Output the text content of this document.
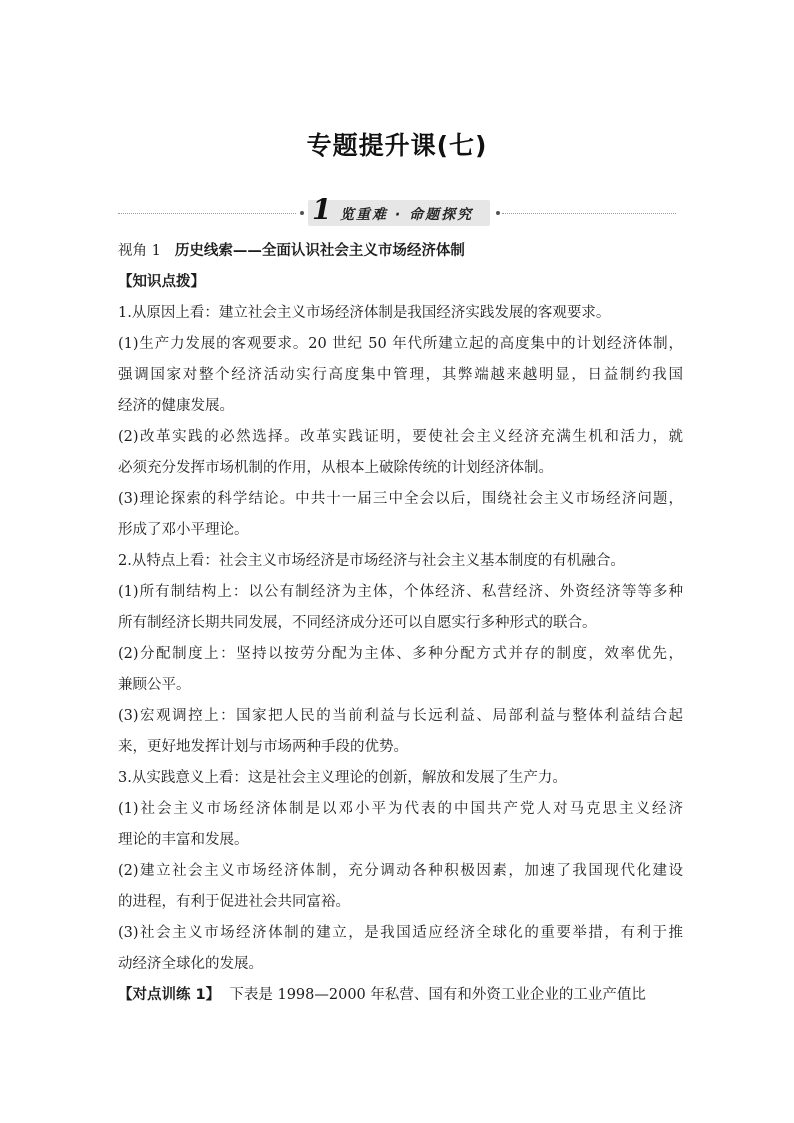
专题提升课(七)
1 览重难 · 命题探究
视角 1 历史线索——全面认识社会主义市场经济体制
【知识点拨】
1.从原因上看：建立社会主义市场经济体制是我国经济实践发展的客观要求。
(1)生产力发展的客观要求。20 世纪 50 年代所建立起的高度集中的计划经济体制，
强调国家对整个经济活动实行高度集中管理，其弊端越来越明显，日益制约我国
经济的健康发展。
(2)改革实践的必然选择。改革实践证明，要使社会主义经济充满生机和活力，就
必须充分发挥市场机制的作用，从根本上破除传统的计划经济体制。
(3)理论探索的科学结论。中共十一届三中全会以后，围绕社会主义市场经济问题，
形成了邓小平理论。
2.从特点上看：社会主义市场经济是市场经济与社会主义基本制度的有机融合。
(1)所有制结构上：以公有制经济为主体，个体经济、私营经济、外资经济等等多种
所有制经济长期共同发展，不同经济成分还可以自愿实行多种形式的联合。
(2)分配制度上：坚持以按劳分配为主体、多种分配方式并存的制度，效率优先，
兼顾公平。
(3)宏观调控上：国家把人民的当前利益与长远利益、局部利益与整体利益结合起
来，更好地发挥计划与市场两种手段的优势。
3.从实践意义上看：这是社会主义理论的创新，解放和发展了生产力。
(1)社会主义市场经济体制是以邓小平为代表的中国共产党人对马克思主义经济
理论的丰富和发展。
(2)建立社会主义市场经济体制，充分调动各种积极因素，加速了我国现代化建设
的进程，有利于促进社会共同富裕。
(3)社会主义市场经济体制的建立，是我国适应经济全球化的重要举措，有利于推
动经济全球化的发展。
【对点训练 1】 下表是 1998—2000 年私营、国有和外资工业企业的工业产值比
